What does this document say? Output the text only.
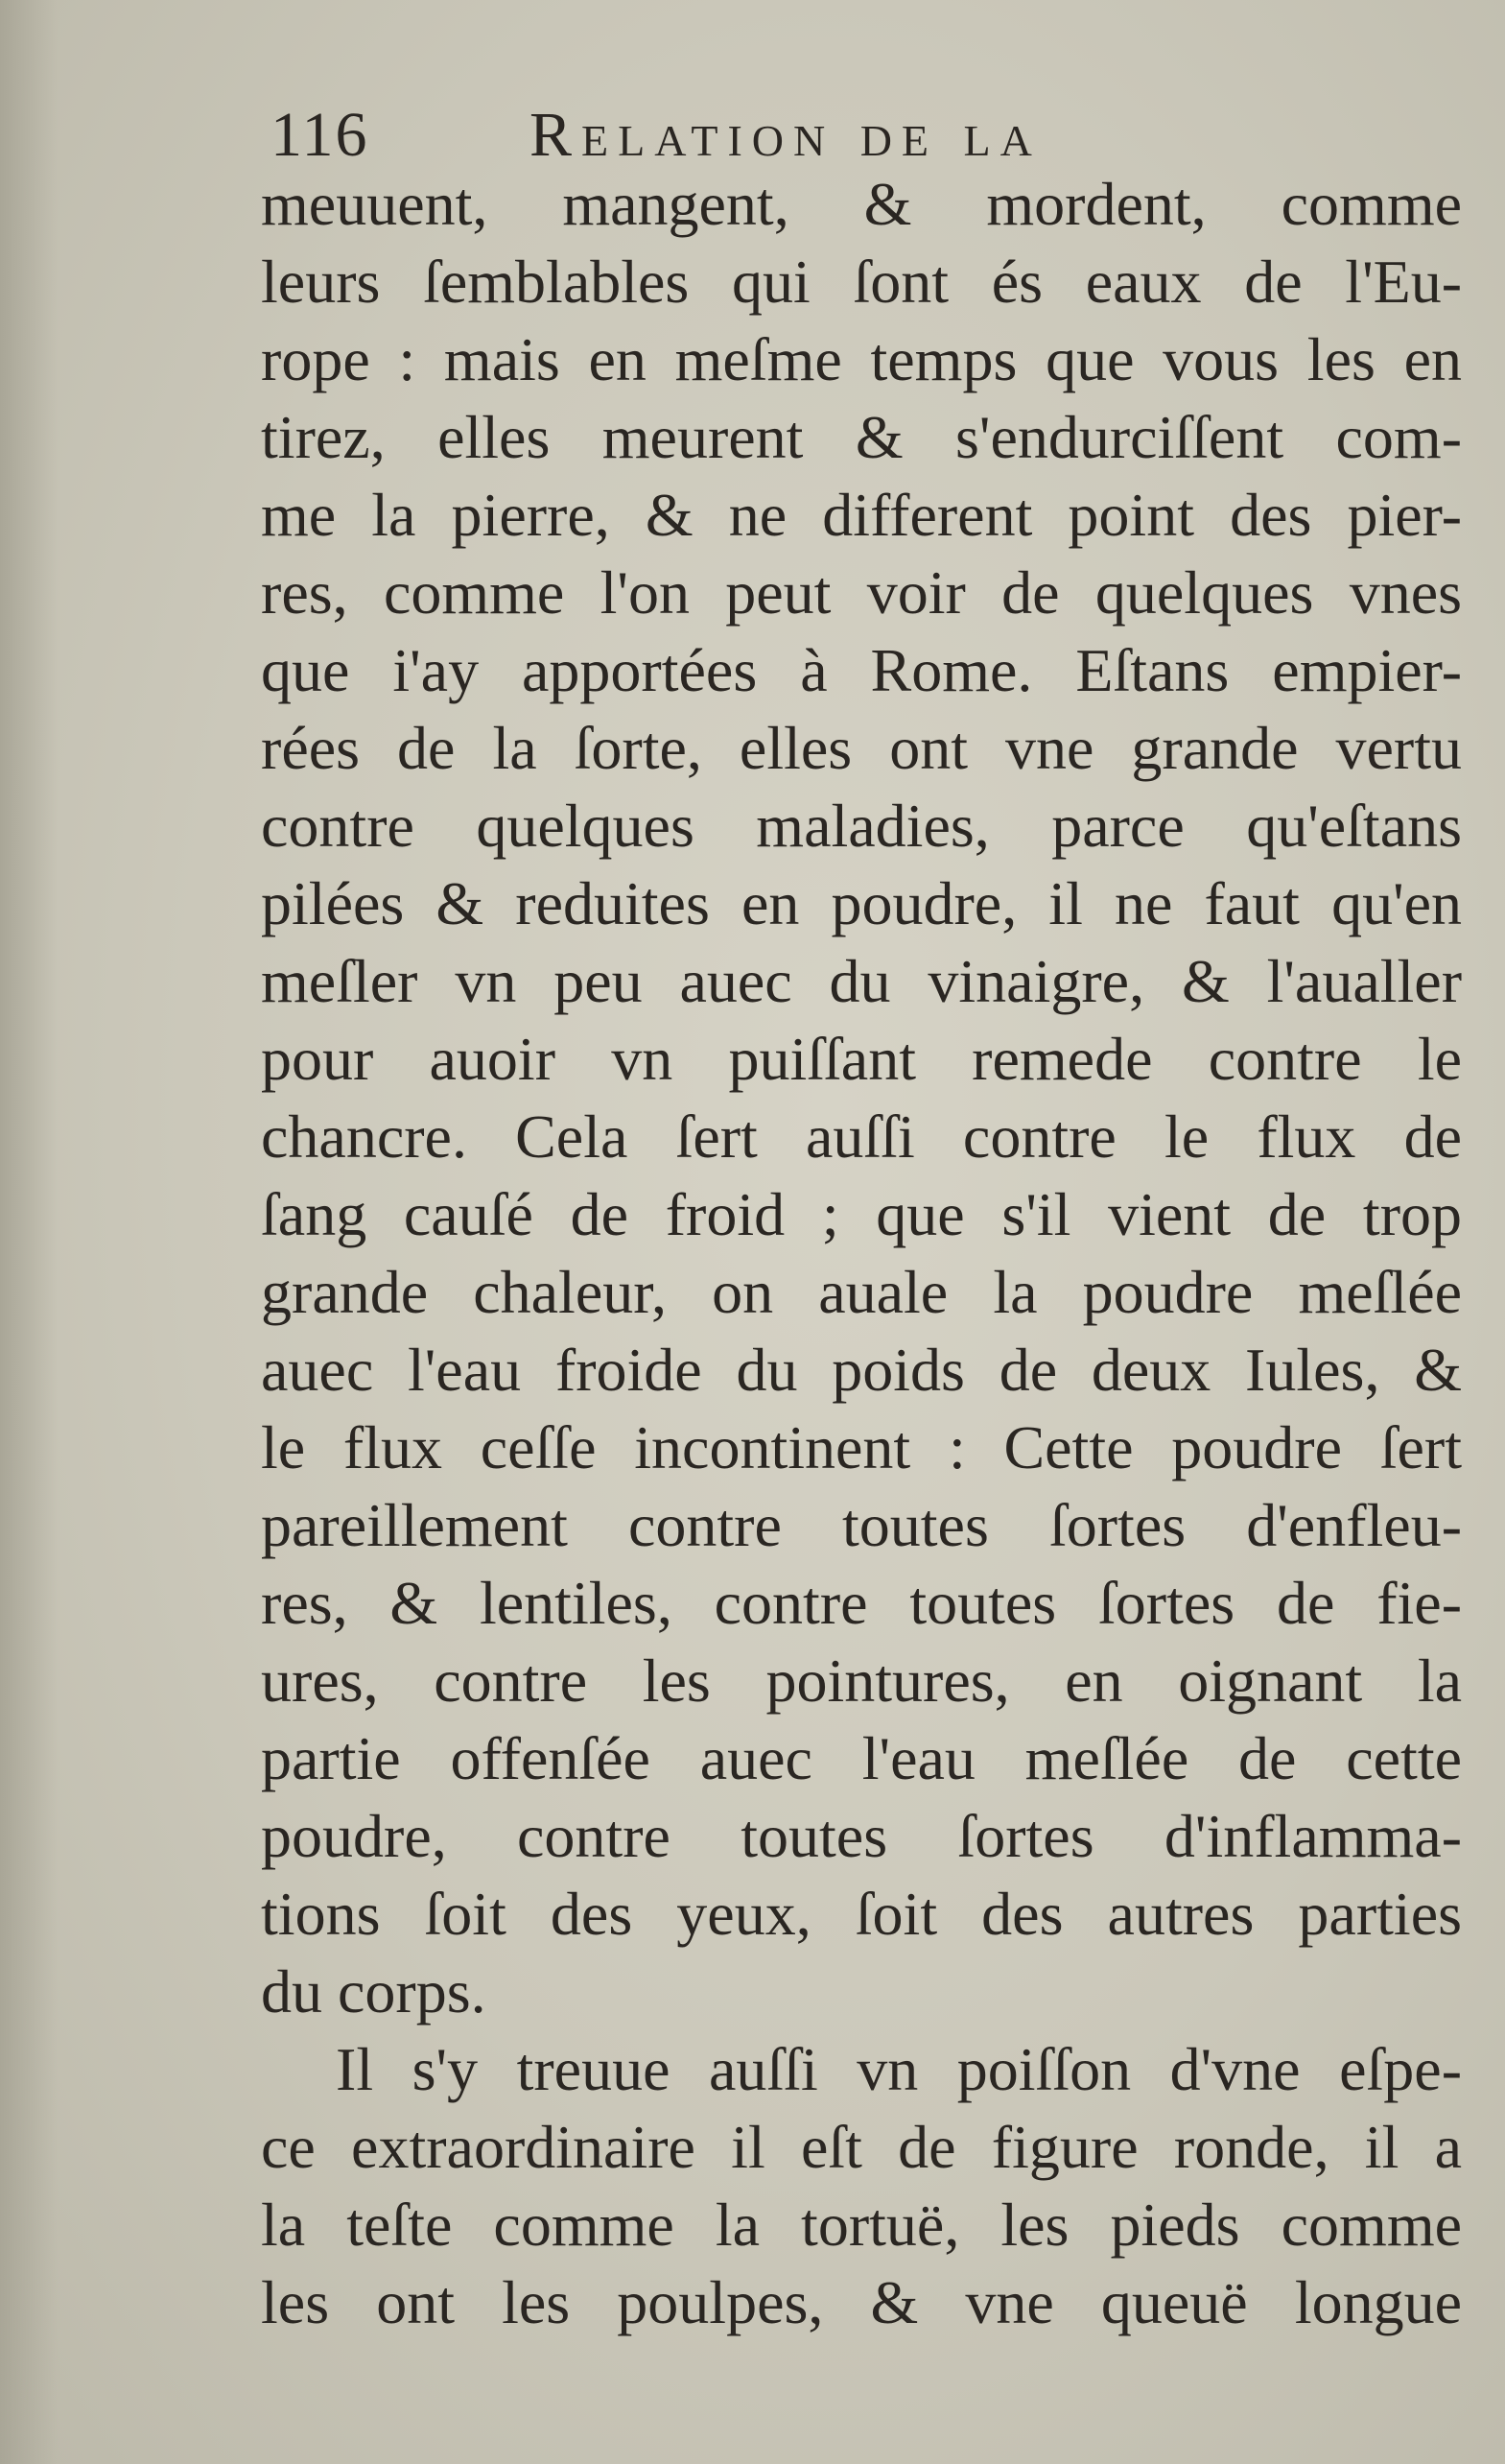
116	Relation de la
meuuent, mangent, & mordent, comme
leurs ſemblables qui ſont és eaux de l'Eu-
rope : mais en meſme temps que vous les en
tirez, elles meurent & s'endurciſſent com-
me la pierre, & ne different point des pier-
res, comme l'on peut voir de quelques vnes
que i'ay apportées à Rome. Eſtans empier-
rées de la ſorte, elles ont vne grande vertu
contre quelques maladies, parce qu'eſtans
pilées & reduites en poudre, il ne faut qu'en
meſler vn peu auec du vinaigre, & l'aualler
pour auoir vn puiſſant remede contre le
chancre. Cela ſert auſſi contre le flux de
ſang cauſé de froid ; que s'il vient de trop
grande chaleur, on auale la poudre meſlée
auec l'eau froide du poids de deux Iules, &
le flux ceſſe incontinent : Cette poudre ſert
pareillement contre toutes ſortes d'enfleu-
res, & lentiles, contre toutes ſortes de fie-
ures, contre les pointures, en oignant la
partie offenſée auec l'eau meſlée de cette
poudre, contre toutes ſortes d'inflamma-
tions ſoit des yeux, ſoit des autres parties
du corps.
Il s'y treuue auſſi vn poiſſon d'vne eſpe-
ce extraordinaire il eſt de figure ronde, il a
la teſte comme la tortuë, les pieds comme
les ont les poulpes, & vne queuë longue
